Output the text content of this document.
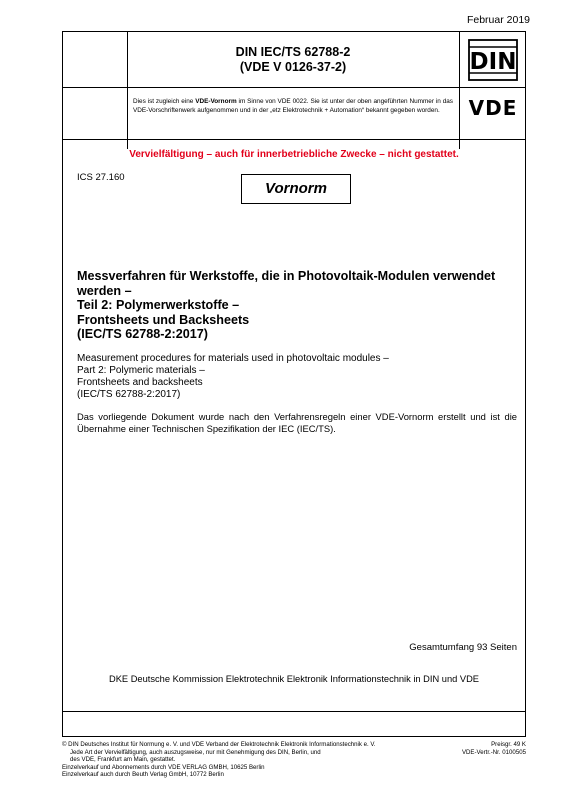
Februar 2019
DIN IEC/TS 62788-2
(VDE V 0126-37-2)	DIN
Dies ist zugleich eine VDE-Vornorm im Sinne von VDE 0022. Sie ist unter der oben angeführten Nummer in das VDE-Vorschriftenwerk aufgenommen und in der „etz Elektrotechnik + Automation“ bekannt gegeben worden.	VDE
Vervielfältigung – auch für innerbetriebliche Zwecke – nicht gestattet.
ICS 27.160
Vornorm
Messverfahren für Werkstoffe, die in Photovoltaik-Modulen verwendet
werden –
Teil 2: Polymerwerkstoffe –
Frontsheets und Backsheets
(IEC/TS 62788-2:2017)
Measurement procedures for materials used in photovoltaic modules –
Part 2: Polymeric materials –
Frontsheets and backsheets
(IEC/TS 62788-2:2017)
Das vorliegende Dokument wurde nach den Verfahrensregeln einer VDE-Vornorm erstellt und ist die Übernahme einer Technischen Spezifikation der IEC (IEC/TS).
Gesamtumfang 93 Seiten
DKE Deutsche Kommission Elektrotechnik Elektronik Informationstechnik in DIN und VDE
© DIN Deutsches Institut für Normung e. V. und VDE Verband der Elektrotechnik Elektronik Informationstechnik e. V.
Jede Art der Vervielfältigung, auch auszugsweise, nur mit Genehmigung des DIN, Berlin, und
des VDE, Frankfurt am Main, gestattet.
Einzelverkauf und Abonnements durch VDE VERLAG GMBH, 10625 Berlin
Einzelverkauf auch durch Beuth Verlag GmbH, 10772 Berlin
Preisgr. 49 K
VDE-Vertr.-Nr. 0100505
